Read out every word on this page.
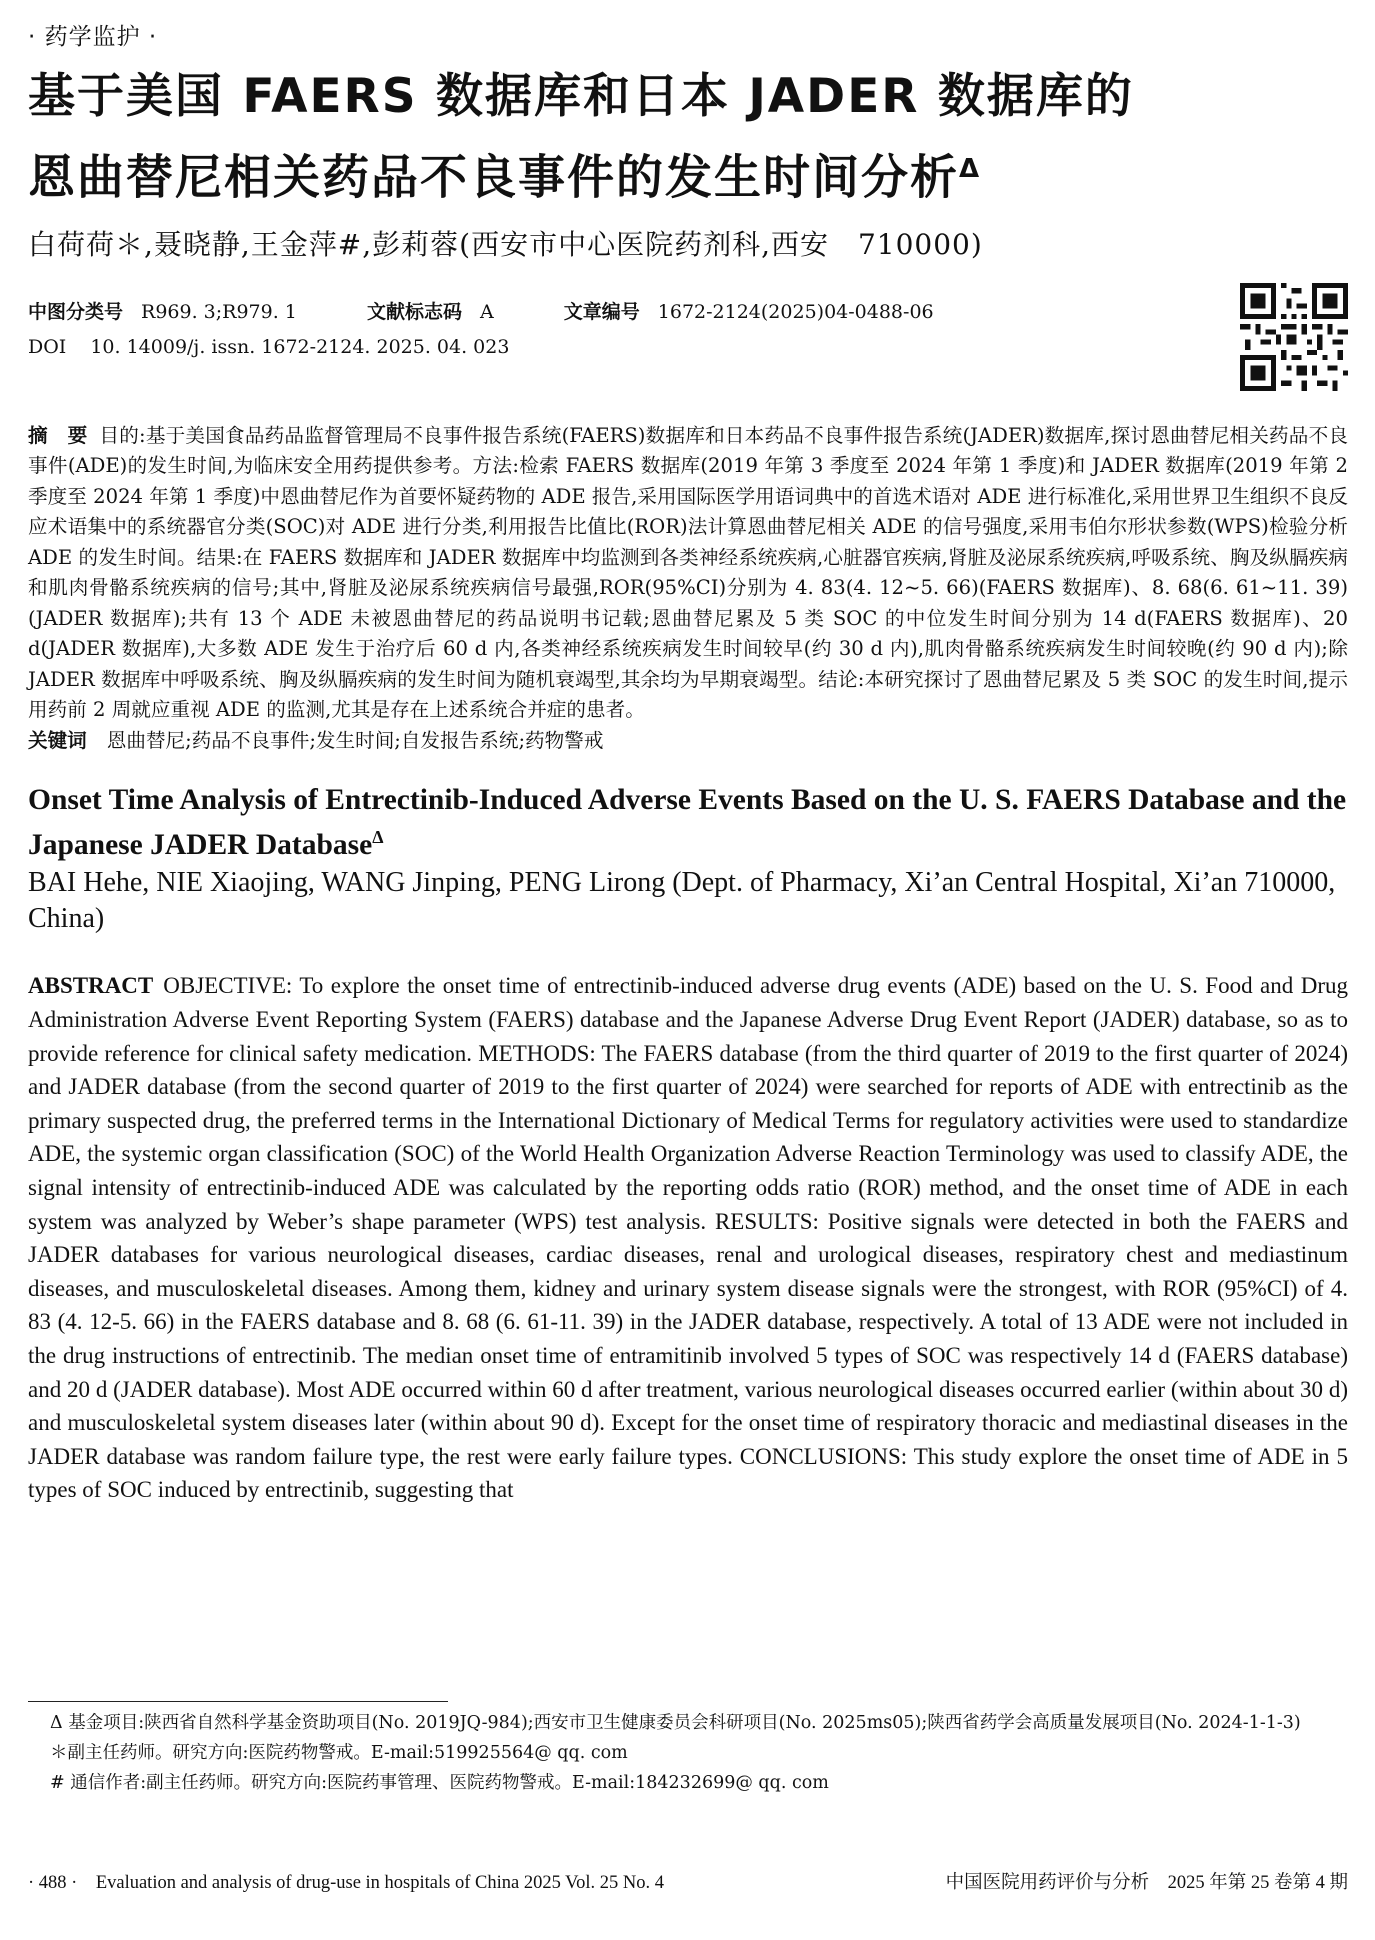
· 药学监护 ·
基于美国 FAERS 数据库和日本 JADER 数据库的
恩曲替尼相关药品不良事件的发生时间分析$^\Delta$
白荷荷＊,聂晓静,王金萍#,彭莉蓉(西安市中心医院药剂科,西安　710000)
中图分类号 R969. 3;R979. 1	文献标志码 A	文章编号 1672-2124(2025)04-0488-06
DOI 10. 14009/j. issn. 1672-2124. 2025. 04. 023
摘　要 目的:基于美国食品药品监督管理局不良事件报告系统(FAERS)数据库和日本药品不良事件报告系统(JADER)数据库,探讨恩曲替尼相关药品不良事件(ADE)的发生时间,为临床安全用药提供参考。方法:检索 FAERS 数据库(2019 年第 3 季度至 2024 年第 1 季度)和 JADER 数据库(2019 年第 2 季度至 2024 年第 1 季度)中恩曲替尼作为首要怀疑药物的 ADE 报告,采用国际医学用语词典中的首选术语对 ADE 进行标准化,采用世界卫生组织不良反应术语集中的系统器官分类(SOC)对 ADE 进行分类,利用报告比值比(ROR)法计算恩曲替尼相关 ADE 的信号强度,采用韦伯尔形状参数(WPS)检验分析 ADE 的发生时间。结果:在 FAERS 数据库和 JADER 数据库中均监测到各类神经系统疾病,心脏器官疾病,肾脏及泌尿系统疾病,呼吸系统、胸及纵膈疾病和肌肉骨骼系统疾病的信号;其中,肾脏及泌尿系统疾病信号最强,ROR(95%CI)分别为 4. 83(4. 12~5. 66)(FAERS 数据库)、8. 68(6. 61~11. 39)(JADER 数据库);共有 13 个 ADE 未被恩曲替尼的药品说明书记载;恩曲替尼累及 5 类 SOC 的中位发生时间分别为 14 d(FAERS 数据库)、20 d(JADER 数据库),大多数 ADE 发生于治疗后 60 d 内,各类神经系统疾病发生时间较早(约 30 d 内),肌肉骨骼系统疾病发生时间较晚(约 90 d 内);除 JADER 数据库中呼吸系统、胸及纵膈疾病的发生时间为随机衰竭型,其余均为早期衰竭型。结论:本研究探讨了恩曲替尼累及 5 类 SOC 的发生时间,提示用药前 2 周就应重视 ADE 的监测,尤其是存在上述系统合并症的患者。
关键词 恩曲替尼;药品不良事件;发生时间;自发报告系统;药物警戒
Onset Time Analysis of Entrectinib-Induced Adverse Events Based on the U. S. FAERS Database and the Japanese JADER Database$^\Delta$
BAI Hehe, NIE Xiaojing, WANG Jinping, PENG Lirong (Dept. of Pharmacy, Xi’an Central Hospital, Xi’an 710000, China)
ABSTRACT OBJECTIVE: To explore the onset time of entrectinib-induced adverse drug events (ADE) based on the U. S. Food and Drug Administration Adverse Event Reporting System (FAERS) database and the Japanese Adverse Drug Event Report (JADER) database, so as to provide reference for clinical safety medication. METHODS: The FAERS database (from the third quarter of 2019 to the first quarter of 2024) and JADER database (from the second quarter of 2019 to the first quarter of 2024) were searched for reports of ADE with entrectinib as the primary suspected drug, the preferred terms in the International Dictionary of Medical Terms for regulatory activities were used to standardize ADE, the systemic organ classification (SOC) of the World Health Organization Adverse Reaction Terminology was used to classify ADE, the signal intensity of entrectinib-induced ADE was calculated by the reporting odds ratio (ROR) method, and the onset time of ADE in each system was analyzed by Weber’s shape parameter (WPS) test analysis. RESULTS: Positive signals were detected in both the FAERS and JADER databases for various neurological diseases, cardiac diseases, renal and urological diseases, respiratory chest and mediastinum diseases, and musculoskeletal diseases. Among them, kidney and urinary system disease signals were the strongest, with ROR (95%CI) of 4. 83 (4. 12-5. 66) in the FAERS database and 8. 68 (6. 61-11. 39) in the JADER database, respectively. A total of 13 ADE were not included in the drug instructions of entrectinib. The median onset time of entramitinib involved 5 types of SOC was respectively 14 d (FAERS database) and 20 d (JADER database). Most ADE occurred within 60 d after treatment, various neurological diseases occurred earlier (within about 30 d) and musculoskeletal system diseases later (within about 90 d). Except for the onset time of respiratory thoracic and mediastinal diseases in the JADER database was random failure type, the rest were early failure types. CONCLUSIONS: This study explore the onset time of ADE in 5 types of SOC induced by entrectinib, suggesting that
Δ 基金项目:陕西省自然科学基金资助项目(No. 2019JQ-984);西安市卫生健康委员会科研项目(No. 2025ms05);陕西省药学会高质量发展项目(No. 2024-1-1-3)
＊副主任药师。研究方向:医院药物警戒。E-mail:519925564@ qq. com
# 通信作者:副主任药师。研究方向:医院药事管理、医院药物警戒。E-mail:184232699@ qq. com
· 488 ·　Evaluation and analysis of drug-use in hospitals of China 2025 Vol. 25 No. 4	中国医院用药评价与分析　2025 年第 25 卷第 4 期
